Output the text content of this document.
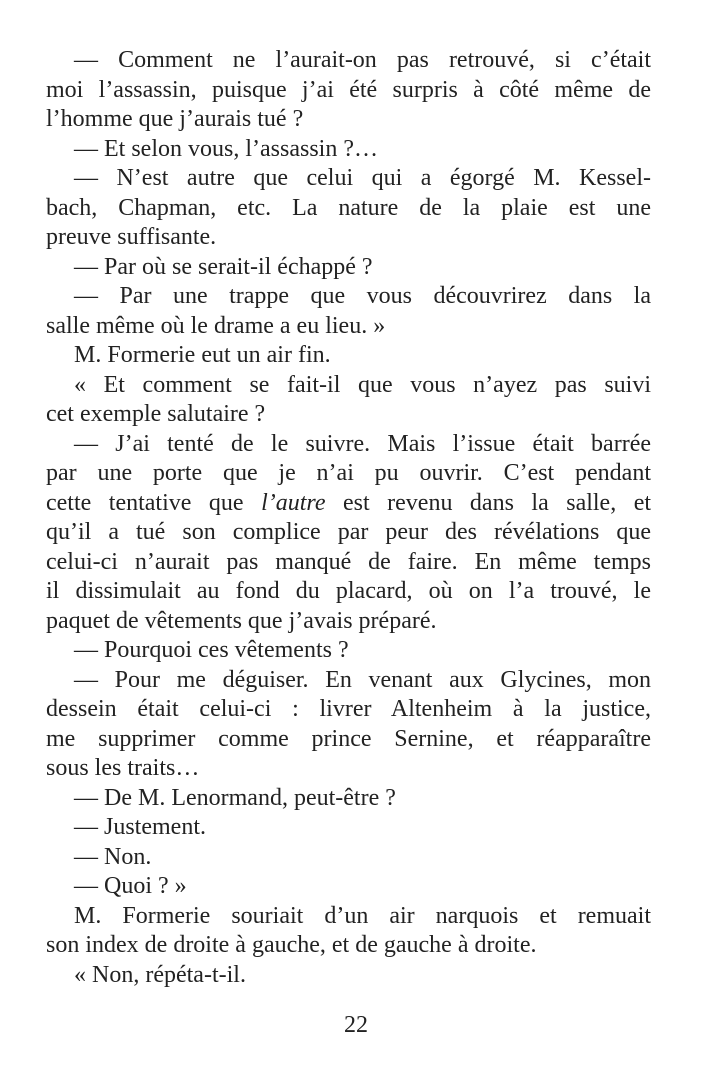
— Comment ne l’aurait-on pas retrouvé, si c’était
moi l’assassin, puisque j’ai été surpris à côté même de
l’homme que j’aurais tué ?
— Et selon vous, l’assassin ?…
— N’est autre que celui qui a égorgé M. Kessel-
bach, Chapman, etc. La nature de la plaie est une
preuve suffisante.
— Par où se serait-il échappé ?
— Par une trappe que vous découvrirez dans la
salle même où le drame a eu lieu. »
M. Formerie eut un air fin.
« Et comment se fait-il que vous n’ayez pas suivi
cet exemple salutaire ?
— J’ai tenté de le suivre. Mais l’issue était barrée
par une porte que je n’ai pu ouvrir. C’est pendant
cette tentative que l’autre est revenu dans la salle, et
qu’il a tué son complice par peur des révélations que
celui-ci n’aurait pas manqué de faire. En même temps
il dissimulait au fond du placard, où on l’a trouvé, le
paquet de vêtements que j’avais préparé.
— Pourquoi ces vêtements ?
— Pour me déguiser. En venant aux Glycines, mon
dessein était celui-ci : livrer Altenheim à la justice,
me supprimer comme prince Sernine, et réapparaître
sous les traits…
— De M. Lenormand, peut-être ?
— Justement.
— Non.
— Quoi ? »
M. Formerie souriait d’un air narquois et remuait
son index de droite à gauche, et de gauche à droite.
« Non, répéta-t-il.
22
